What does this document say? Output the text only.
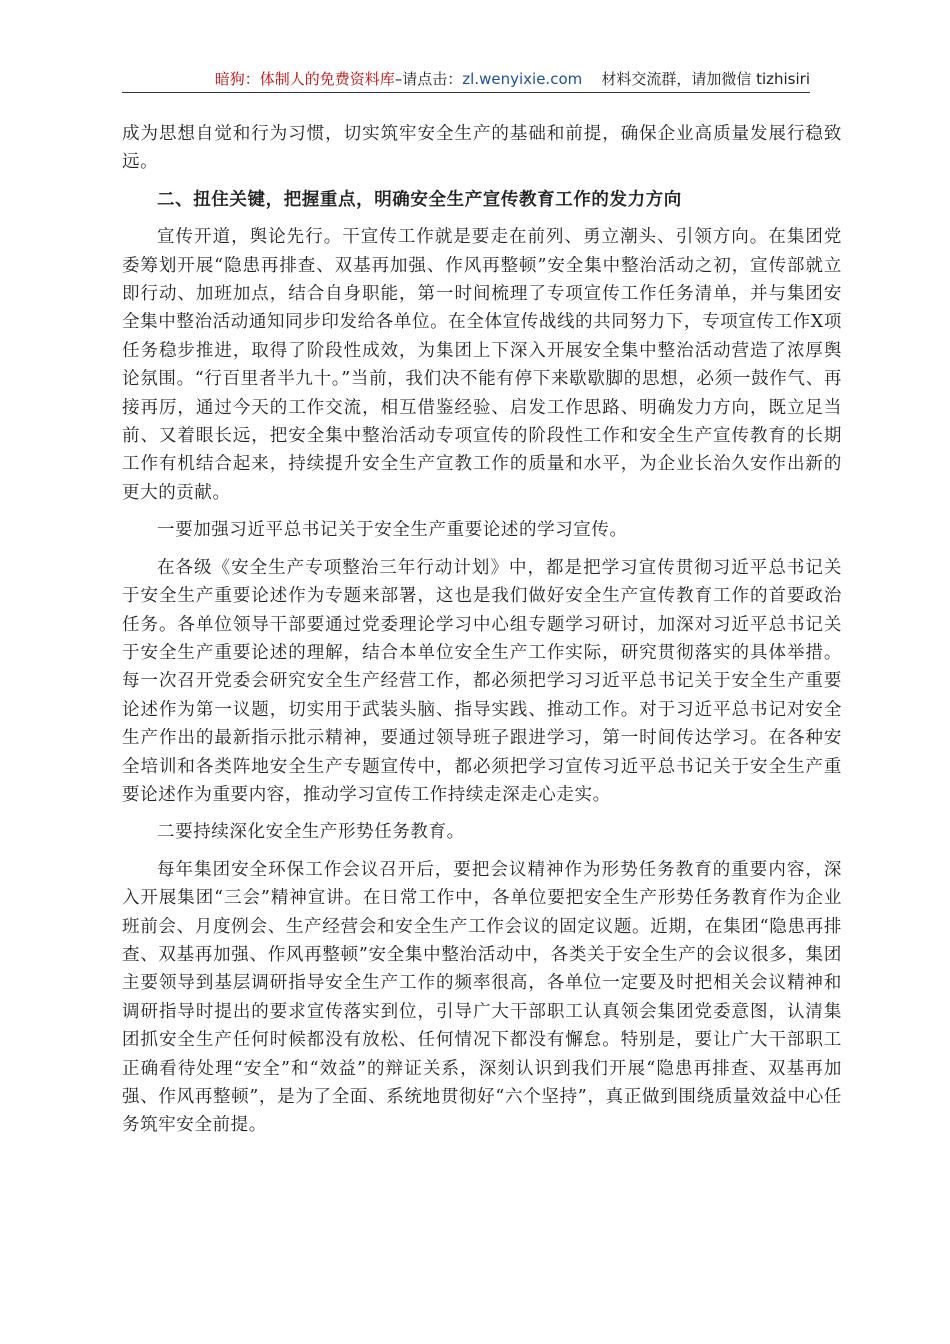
暗狗：体制人的免费资料库–请点击：zl.wenyixie.com 材料交流群，请加微信 tizhisiri

成为思想自觉和行为习惯，切实筑牢安全生产的基础和前提，确保企业高质量发展行稳致远。

二、扭住关键，把握重点，明确安全生产宣传教育工作的发力方向

宣传开道，舆论先行。干宣传工作就是要走在前列、勇立潮头、引领方向。在集团党委筹划开展“隐患再排查、双基再加强、作风再整顿”安全集中整治活动之初，宣传部就立即行动、加班加点，结合自身职能，第一时间梳理了专项宣传工作任务清单，并与集团安全集中整治活动通知同步印发给各单位。在全体宣传战线的共同努力下，专项宣传工作X项任务稳步推进，取得了阶段性成效，为集团上下深入开展安全集中整治活动营造了浓厚舆论氛围。“行百里者半九十。”当前，我们决不能有停下来歇歇脚的思想，必须一鼓作气、再接再厉，通过今天的工作交流，相互借鉴经验、启发工作思路、明确发力方向，既立足当前、又着眼长远，把安全集中整治活动专项宣传的阶段性工作和安全生产宣传教育的长期工作有机结合起来，持续提升安全生产宣教工作的质量和水平，为企业长治久安作出新的更大的贡献。

一要加强习近平总书记关于安全生产重要论述的学习宣传。

在各级《安全生产专项整治三年行动计划》中，都是把学习宣传贯彻习近平总书记关于安全生产重要论述作为专题来部署，这也是我们做好安全生产宣传教育工作的首要政治任务。各单位领导干部要通过党委理论学习中心组专题学习研讨，加深对习近平总书记关于安全生产重要论述的理解，结合本单位安全生产工作实际，研究贯彻落实的具体举措。每一次召开党委会研究安全生产经营工作，都必须把学习习近平总书记关于安全生产重要论述作为第一议题，切实用于武装头脑、指导实践、推动工作。对于习近平总书记对安全生产作出的最新指示批示精神，要通过领导班子跟进学习，第一时间传达学习。在各种安全培训和各类阵地安全生产专题宣传中，都必须把学习宣传习近平总书记关于安全生产重要论述作为重要内容，推动学习宣传工作持续走深走心走实。

二要持续深化安全生产形势任务教育。

每年集团安全环保工作会议召开后，要把会议精神作为形势任务教育的重要内容，深入开展集团“三会”精神宣讲。在日常工作中，各单位要把安全生产形势任务教育作为企业班前会、月度例会、生产经营会和安全生产工作会议的固定议题。近期，在集团“隐患再排查、双基再加强、作风再整顿”安全集中整治活动中，各类关于安全生产的会议很多，集团主要领导到基层调研指导安全生产工作的频率很高，各单位一定要及时把相关会议精神和调研指导时提出的要求宣传落实到位，引导广大干部职工认真领会集团党委意图，认清集团抓安全生产任何时候都没有放松、任何情况下都没有懈怠。特别是，要让广大干部职工正确看待处理“安全”和“效益”的辩证关系，深刻认识到我们开展“隐患再排查、双基再加强、作风再整顿”，是为了全面、系统地贯彻好“六个坚持”，真正做到围绕质量效益中心任务筑牢安全前提。
